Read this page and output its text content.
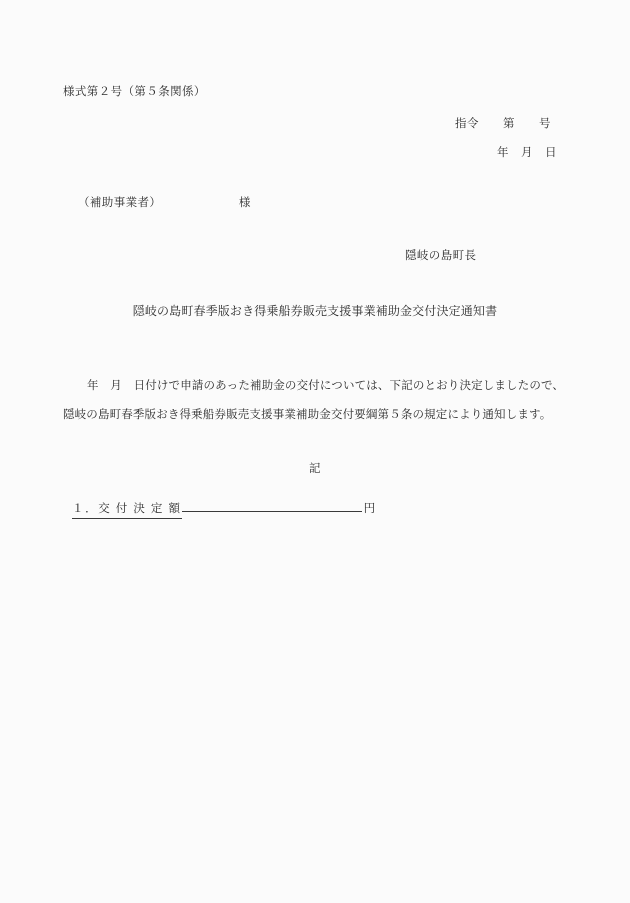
様式第２号（第５条関係）
指令　　第　　号
年　月　日
（補助事業者）　　　　　　　様
隠岐の島町長
隠岐の島町春季版おき得乗船券販売支援事業補助金交付決定通知書
年　月　日付けで申請のあった補助金の交付については、下記のとおり決定しましたので、
隠岐の島町春季版おき得乗船券販売支援事業補助金交付要綱第５条の規定により通知します。
記
１．交 付 決 定 額	円
